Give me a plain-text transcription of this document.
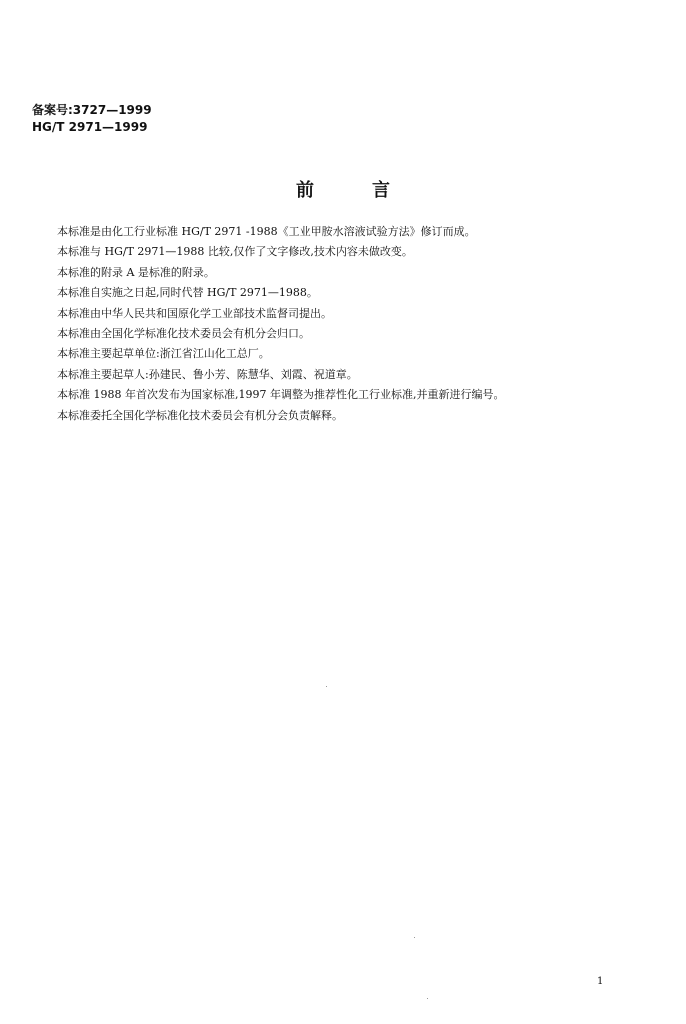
备案号:3727—1999
HG/T 2971—1999
前言

本标准是由化工行业标准 HG/T 2971 -1988《工业甲胺水溶液试验方法》修订而成。

本标准与 HG/T 2971—1988 比较,仅作了文字修改,技术内容未做改变。

本标准的附录 A 是标准的附录。

本标准自实施之日起,同时代替 HG/T 2971—1988。

本标准由中华人民共和国原化学工业部技术监督司提出。

本标准由全国化学标准化技术委员会有机分会归口。

本标准主要起草单位:浙江省江山化工总厂。

本标准主要起草人:孙建民、鲁小芳、陈慧华、刘霞、祝道章。

本标准 1988 年首次发布为国家标准,1997 年调整为推荐性化工行业标准,并重新进行编号。

本标准委托全国化学标准化技术委员会有机分会负责解释。

1
